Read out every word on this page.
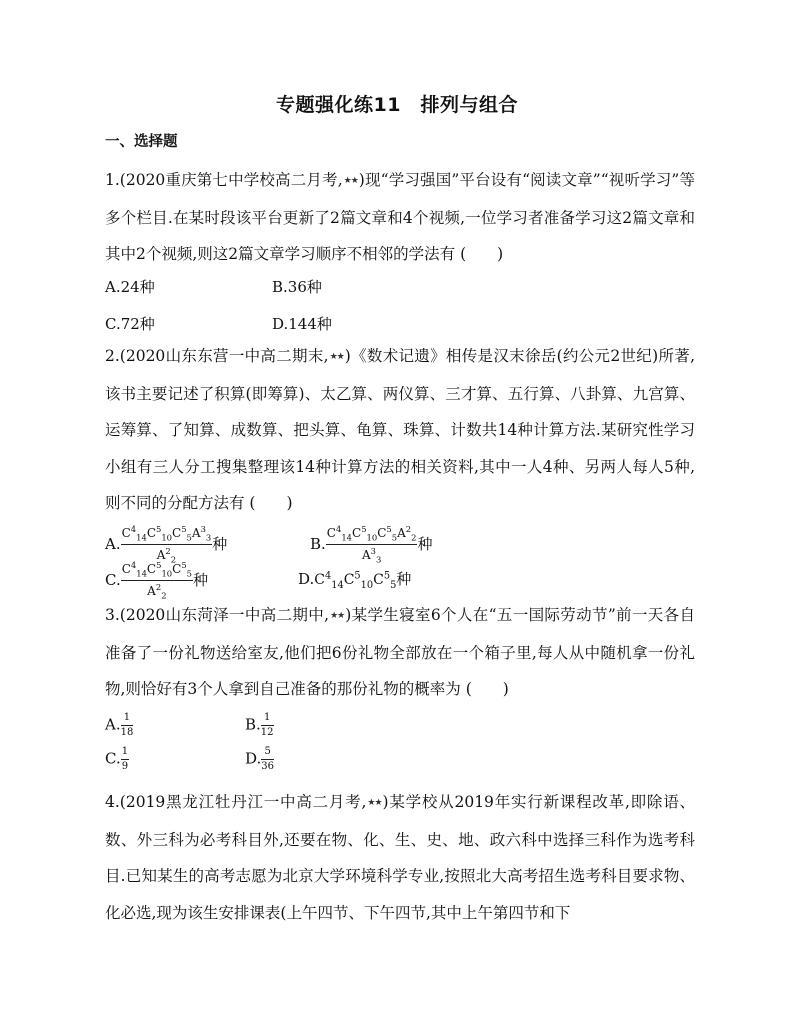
专题强化练11　排列与组合
一、选择题

1.(2020重庆第七中学校高二月考,★★)现“学习强国”平台设有“阅读文章”“视听学习”等多个栏目.在某时段该平台更新了2篇文章和4个视频,一位学习者准备学习这2篇文章和其中2个视频,则这2篇文章学习顺序不相邻的学法有 (　　)

A.24种	B.36种
C.72种	D.144种

2.(2020山东东营一中高二期末,★★)《数术记遗》相传是汉末徐岳(约公元2世纪)所著,该书主要记述了积算(即筹算)、太乙算、两仪算、三才算、五行算、八卦算、九宫算、运筹算、了知算、成数算、把头算、龟算、珠算、计数共14种计算方法.某研究性学习小组有三人分工搜集整理该14种计算方法的相关资料,其中一人4种、另两人每人5种,则不同的分配方法有 (　　)

A. $\frac{C^4_{14}C^5_{10}C^5_5A^3_3}{A^2_2}$ 种	B. $\frac{C^4_{14}C^5_{10}C^5_5A^2_2}{A^3_3}$ 种
C. $\frac{C^4_{14}C^5_{10}C^5_5}{A^2_2}$ 种	$D.C^4_{14}C^5_{10}C^5_5$种

3.(2020山东菏泽一中高二期中,★★)某学生寝室6个人在“五一国际劳动节”前一天各自准备了一份礼物送给室友,他们把6份礼物全部放在一个箱子里,每人从中随机拿一份礼物,则恰好有3个人拿到自己准备的那份礼物的概率为 (　　)

A. $\frac{1}{18}$	B. $\frac{1}{12}$
C. $\frac{1}{9}$	D. $\frac{5}{36}$

4.(2019黑龙江牡丹江一中高二月考,★★)某学校从2019年实行新课程改革,即除语、数、外三科为必考科目外,还要在物、化、生、史、地、政六科中选择三科作为选考科目.已知某生的高考志愿为北京大学环境科学专业,按照北大高考招生选考科目要求物、化必选,现为该生安排课表(上午四节、下午四节,其中上午第四节和下
